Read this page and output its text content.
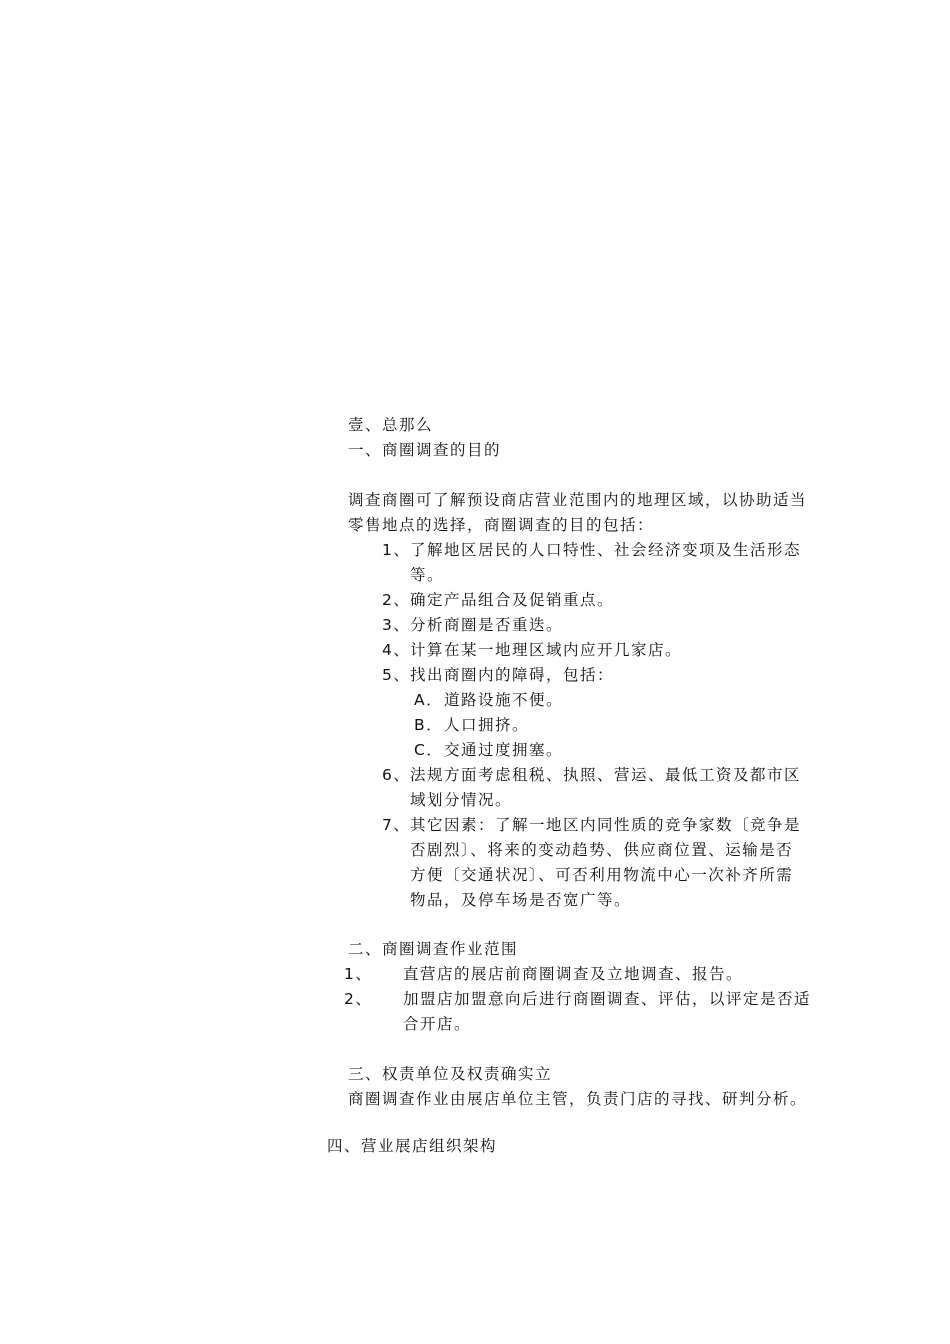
壹、总那么
一、商圈调查的目的
调查商圈可了解预设商店营业范围内的地理区域，以协助适当
零售地点的选择，商圈调查的目的包括：
1、 了解地区居民的人口特性、社会经济变项及生活形态
等。
2、 确定产品组合及促销重点。
3、 分析商圈是否重迭。
4、 计算在某一地理区域内应开几家店。
5、 找出商圈内的障碍，包括：
A． 道路设施不便。
B． 人口拥挤。
C． 交通过度拥塞。
6、 法规方面考虑租税、执照、营运、最低工资及都市区
域划分情况。
7、 其它因素：了解一地区内同性质的竞争家数〔竞争是
否剧烈〕、将来的变动趋势、供应商位置、运输是否
方便〔交通状况〕、可否利用物流中心一次补齐所需
物品，及停车场是否宽广等。
二、商圈调查作业范围
1、 直营店的展店前商圈调查及立地调查、报告。
2、 加盟店加盟意向后进行商圈调查、评估，以评定是否适
合开店。
三、权责单位及权责确实立
商圈调查作业由展店单位主管，负责门店的寻找、研判分析。
四、营业展店组织架构
